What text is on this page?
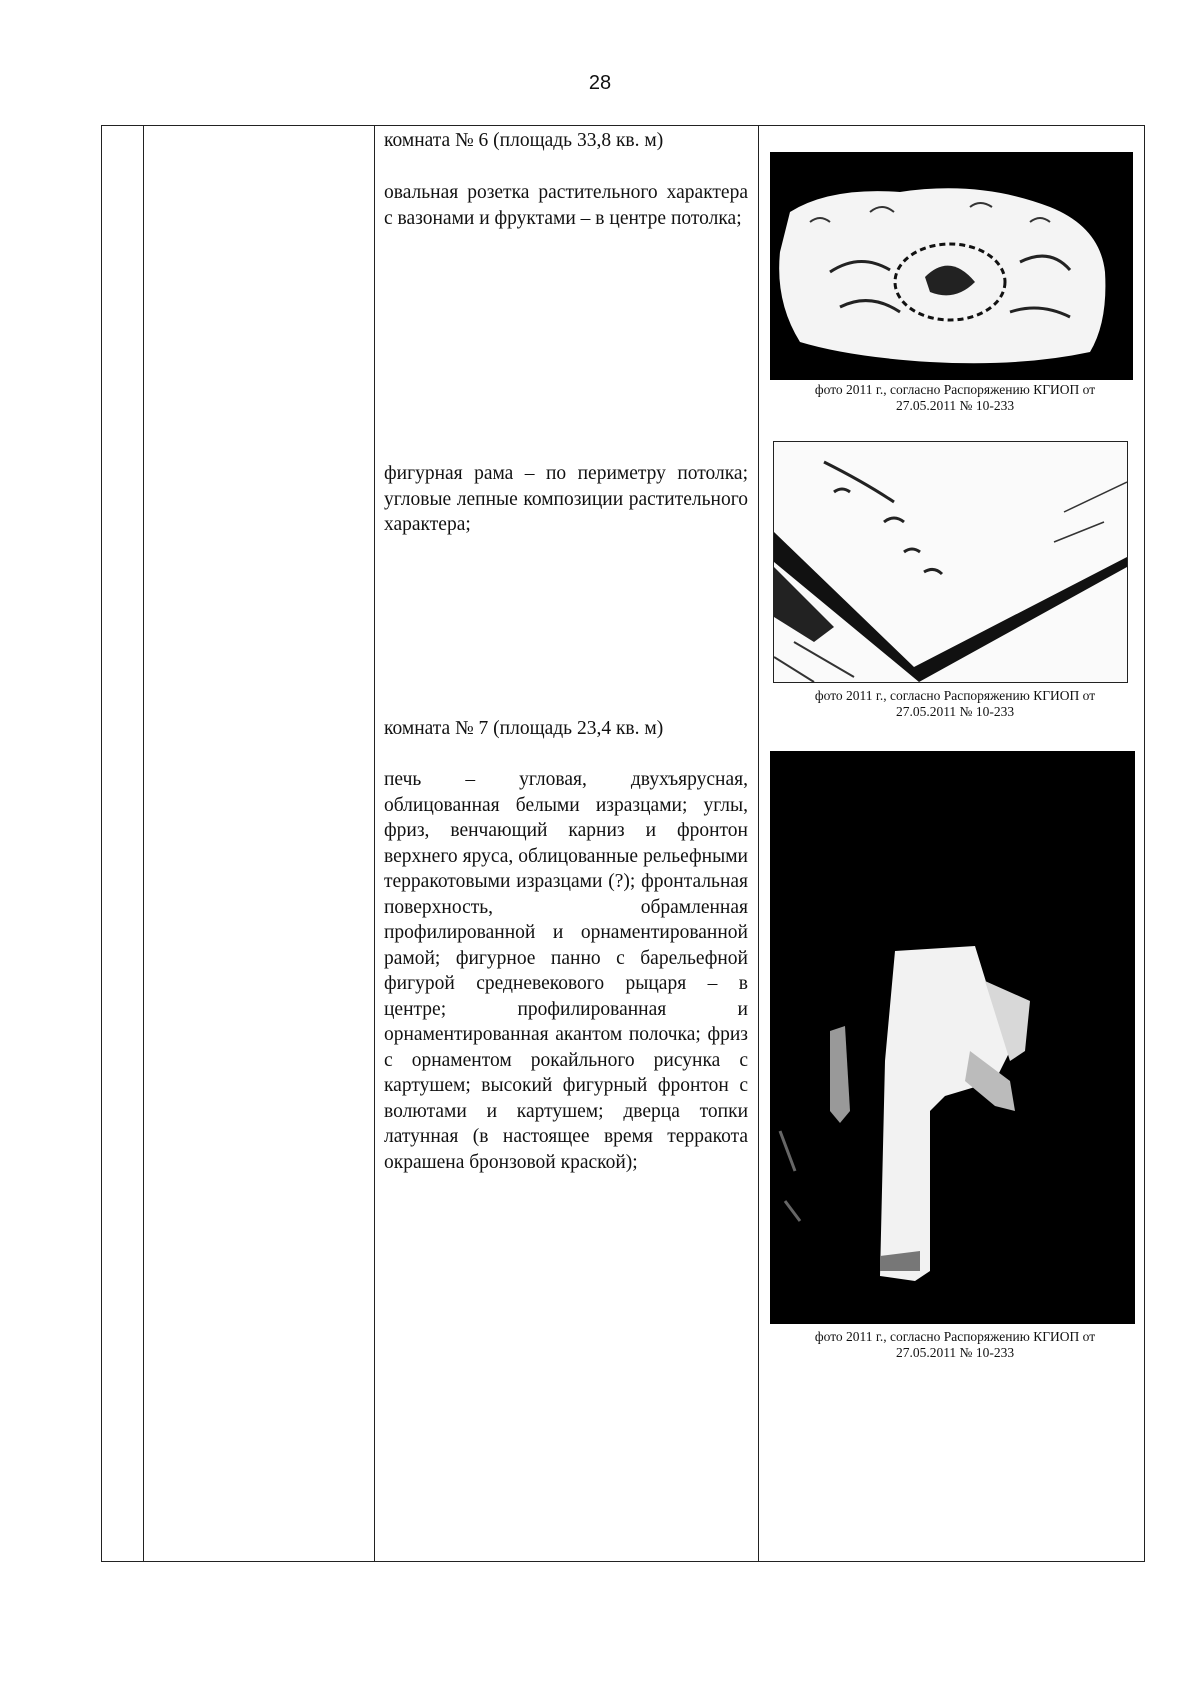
28
комната № 6 (площадь 33,8 кв. м)
овальная розетка растительного характера с вазонами и фруктами – в центре потолка;
фигурная рама – по периметру потолка; угловые лепные композиции растительного характера;
комната № 7 (площадь 23,4 кв. м)
печь – угловая, двухъярусная, облицованная белыми изразцами; углы, фриз, венчающий карниз и фронтон верхнего яруса, облицованные рельефными терракотовыми изразцами (?); фронтальная поверхность, обрамленная профилированной и орнаментированной рамой; фигурное панно с барельефной фигурой средневекового рыцаря – в центре; профилированная и орнаментированная акантом полочка; фриз с орнаментом рокайльного рисунка с картушем; высокий фигурный фронтон с волютами и картушем; дверца топки латунная (в настоящее время терракота окрашена бронзовой краской);
фото 2011 г., согласно Распоряжению КГИОП от
27.05.2011 № 10-233
фото 2011 г., согласно Распоряжению КГИОП от
27.05.2011 № 10-233
фото 2011 г., согласно Распоряжению КГИОП от
27.05.2011 № 10-233
